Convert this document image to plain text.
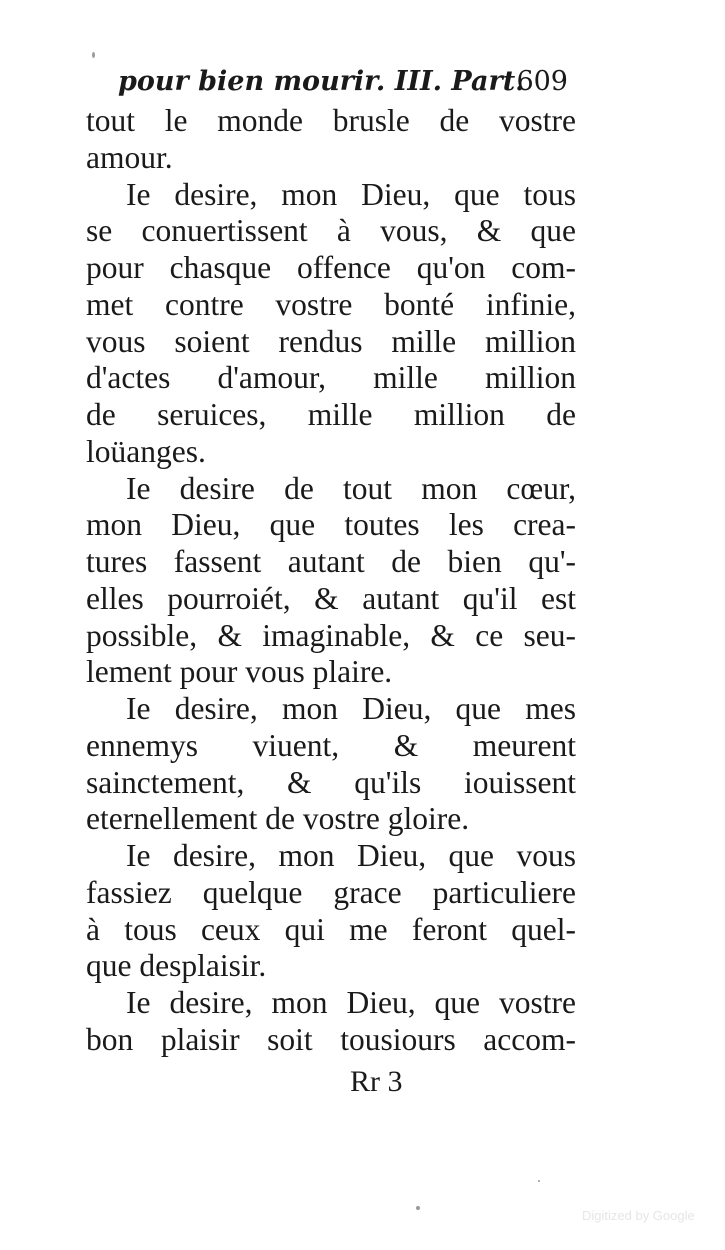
pour bien mourir. III. Part.
609
tout le monde brusle de vostre
amour.
Ie desire, mon Dieu, que tous
se conuertissent à vous, & que
pour chasque offence qu'on com-
met contre vostre bonté infinie,
vous soient rendus mille million
d'actes d'amour, mille million
de seruices, mille million de
loüanges.
Ie desire de tout mon cœur,
mon Dieu, que toutes les crea-
tures fassent autant de bien qu'-
elles pourroiét, & autant qu'il est
possible, & imaginable, & ce seu-
lement pour vous plaire.
Ie desire, mon Dieu, que mes
ennemys viuent, & meurent
sainctement, & qu'ils iouissent
eternellement de vostre gloire.
Ie desire, mon Dieu, que vous
fassiez quelque grace particuliere
à tous ceux qui me feront quel-
que desplaisir.
Ie desire, mon Dieu, que vostre
bon plaisir soit tousiours accom-
Rr 3
Digitized by Google
